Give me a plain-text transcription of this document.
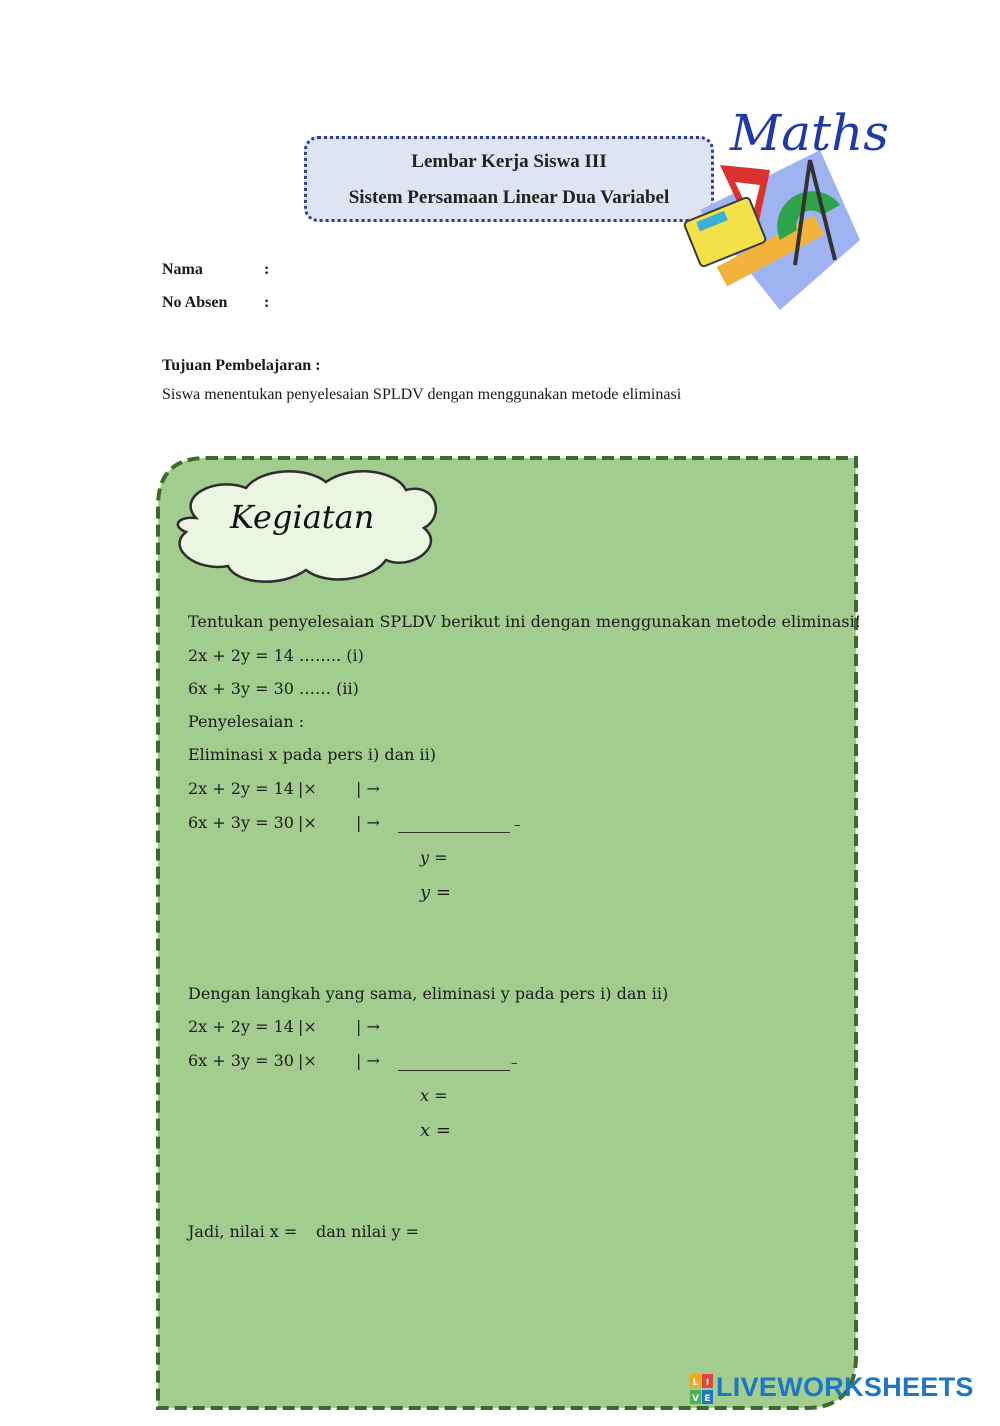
Lembar Kerja Siswa III
Sistem Persamaan Linear Dua Variabel
Maths
Nama	:
No Absen :
Tujuan Pembelajaran :
Siswa menentukan penyelesaian SPLDV dengan menggunakan metode eliminasi
Kegiatan
Tentukan penyelesaian SPLDV berikut ini dengan menggunakan metode eliminasi!
2x + 2y = 14 …….. (i)
6x + 3y = 30 …… (ii)
Penyelesaian :
Eliminasi x pada pers i) dan ii)
2x + 2y = 14 |× | →
6x + 3y = 30 |× | →	–
y =
y =
Dengan langkah yang sama, eliminasi y pada pers i) dan ii)
2x + 2y = 14 |× | →
6x + 3y = 30 |× | →	–
x =
x =
Jadi, nilai x = dan nilai y =
L I
V E LIVEWORKSHEETS
